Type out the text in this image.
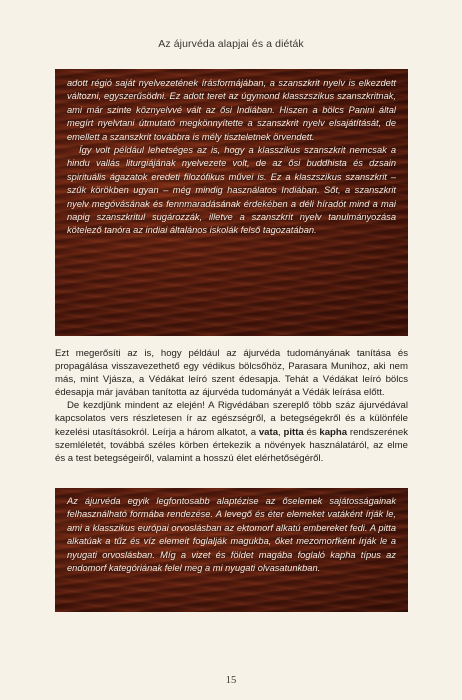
Az ájurvéda alapjai és a diéták

adott régió saját nyelvezetének írásformájában, a szanszkrit nyelv is elkezdett változni, egyszerűsödni. Ez adott teret az úgymond klasszszikus szanszkritnak, ami már szinte köznyelvvé vált az ősi Indiában. Hiszen a bölcs Panini által megírt nyelvtani útmutató megkönnyítette a szanszkrit nyelv elsajátítását, de emellett a szanszkrit továbbra is mély tiszteletnek örvendett.

Így volt például lehetséges az is, hogy a klasszikus szanszkrit nemcsak a hindu vallás liturgiájának nyelvezete volt, de az ősi buddhista és dzsain spirituális ágazatok eredeti filozófikus művei is. Ez a klaszszikus szanszkrit – szűk körökben ugyan – még mindig használatos Indiában. Sőt, a szanszkrit nyelv megóvásának és fennmaradásának érdekében a déli híradót mind a mai napig szanszkritul sugározzák, illetve a szanszkrit nyelv tanulmányozása kötelező tanóra az indiai általános iskolák felső tagozatában.

Ezt megerősíti az is, hogy például az ájurvéda tudományának tanítása és propagálása visszavezethető egy védikus bölcsőhöz, Parasara Munihoz, aki nem más, mint Vjásza, a Védákat leíró szent édesapja. Tehát a Védákat leíró bölcs édesapja már javában tanította az ájurvéda tudományát a Védák leírása előtt.

De kezdjünk mindent az elején! A Rigvédában szereplő több száz ájurvédával kapcsolatos vers részletesen ír az egészségről, a betegségekről és a különféle kezelési utasításokról. Leírja a három alkatot, a vata, pitta és kapha rendszerének szemléletét, továbbá széles körben értekezik a növények használatáról, az elme és a test betegségeiről, valamint a hosszú élet elérhetőségéről.

Az ájurvéda egyik legfontosabb alaptézise az őselemek sajátosságainak felhasználható formába rendezése. A levegő és éter elemeket vatáként írják le, ami a klasszikus európai orvoslásban az ektomorf alkatú embereket fedi. A pitta alkatúak a tűz és víz elemeit foglalják magukba, őket mezomorfként írják le a nyugati orvoslásban. Míg a vizet és földet magába foglaló kapha típus az endomorf kategóriának felel meg a mi nyugati olvasatunkban.

15
